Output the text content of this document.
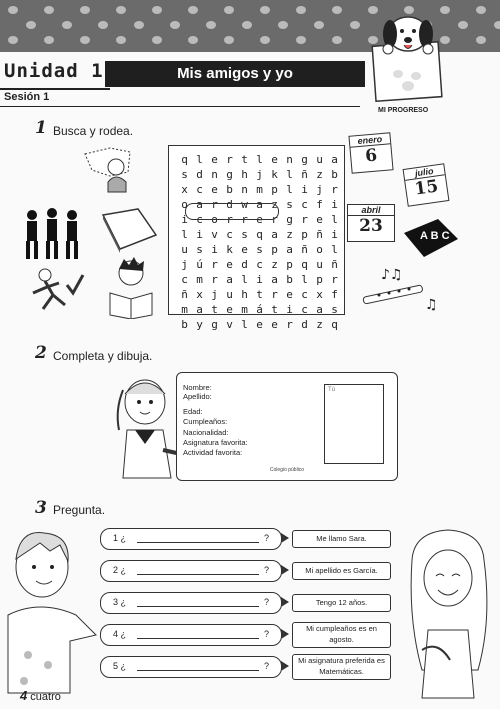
Unidad 1	Mis amigos y yo
Sesión 1
MI PROGRESO
1 Busca y rodea.
q	l	e	r	t	l	e	n	g	u	a
s	d	n	g	h	j	k	l	ñ	z	b
x	c	e	b	n	m	p	l	i	j	r
o	a	r	d	w	a	z	s	c	f	i
i	c	o	r	r	e	r	g	r	e	l
l	i	v	c	s	q	a	z	p	ñ	i
u	s	i	k	e	s	p	a	ñ	o	l
j	ú	r	e	d	c	z	p	q	u	ñ
c	m	r	a	l	i	a	b	l	p	r
ñ	x	j	u	h	t	r	e	c	x	f
m	a	t	e	m	á	t	i	c	a	s
b	y	g	v	l	e	e	r	d	z	q
enero
6
julio
15
abril
23	A B C
♪♫
♫
2 Completa y dibuja.
Nombre:
Apellido:
Edad:
Cumpleaños:
Nacionalidad:
Asignatura favorita:
Actividad favorita:
Tú
Colegio público
3 Pregunta.
1 ¿	?	Me llamo Sara.
2 ¿	?	Mi apellido es García.
3 ¿	?	Tengo 12 años.
4 ¿	?
Mi cumpleaños es en agosto.
5 ¿	?
Mi asignatura preferida es Matemáticas.
4 cuatro
